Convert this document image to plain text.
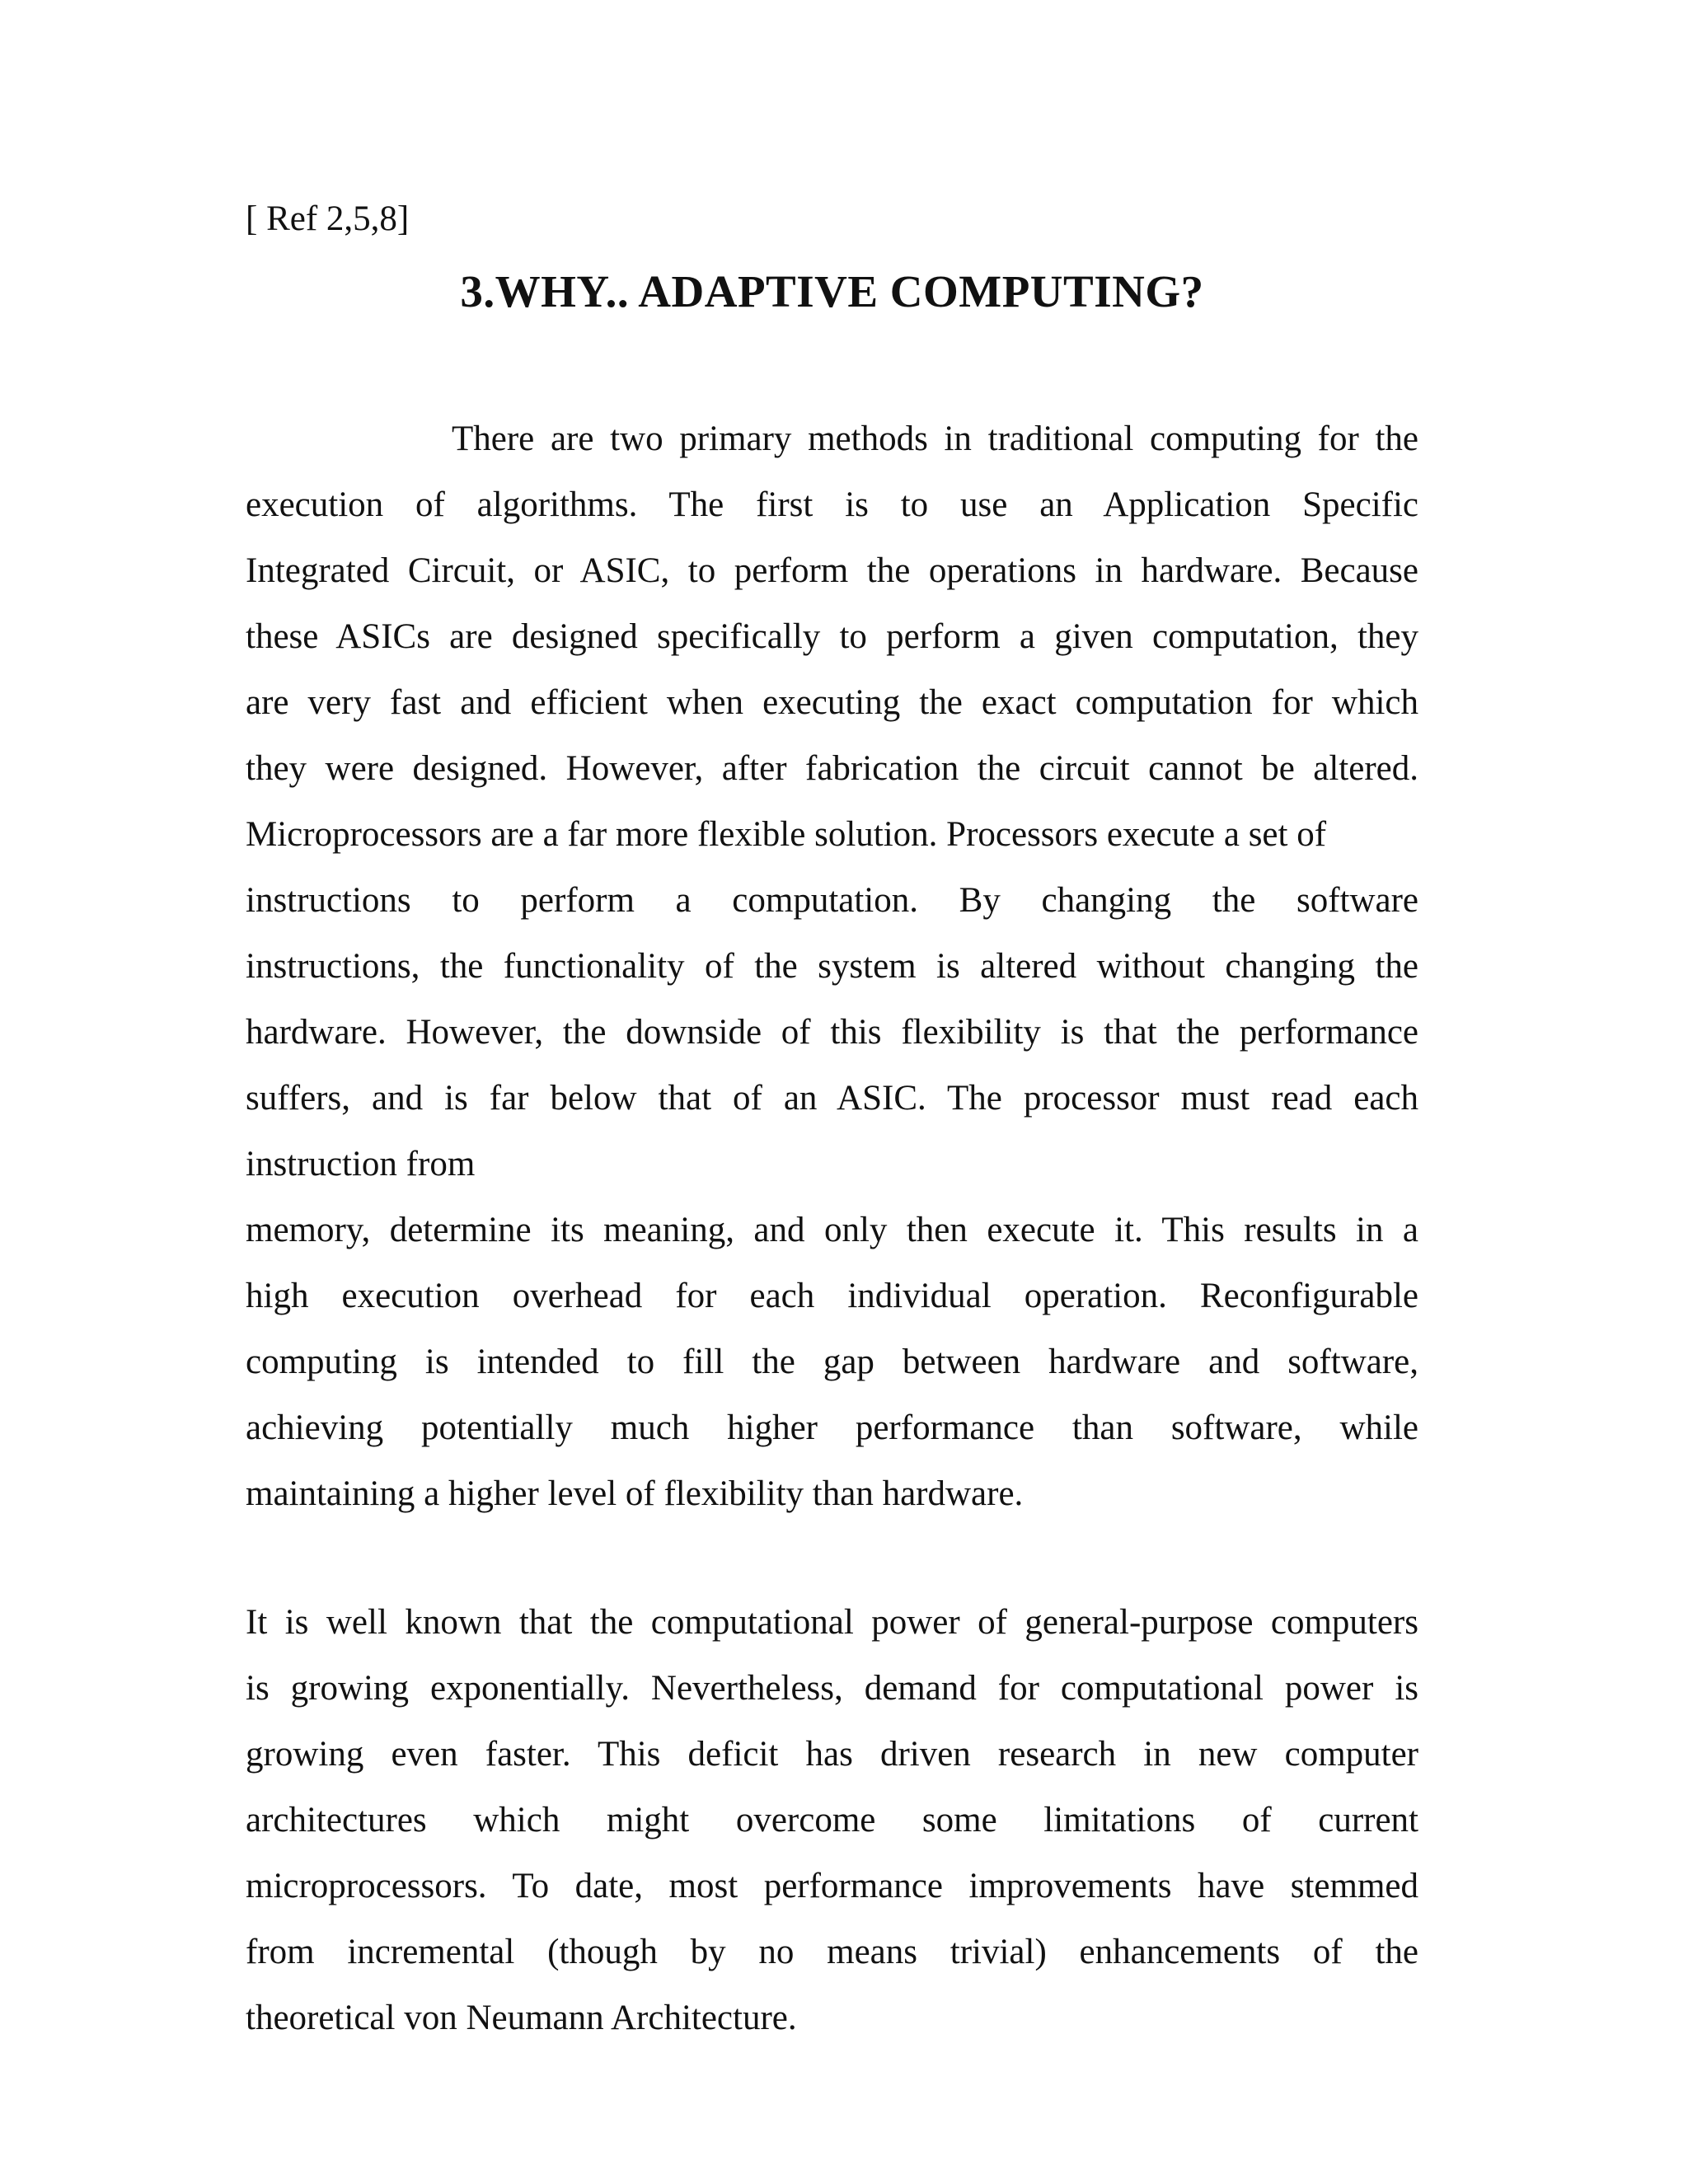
[ Ref 2,5,8]
3.WHY.. ADAPTIVE COMPUTING?
There are two primary methods in traditional computing for the
execution of algorithms. The first is to use an Application Specific
Integrated Circuit, or ASIC, to perform the operations in hardware. Because
these ASICs are designed specifically to perform a given computation, they
are very fast and efficient when executing the exact computation for which
they were designed. However, after fabrication the circuit cannot be altered.
Microprocessors are a far more flexible solution. Processors execute a set of
instructions to perform a computation. By changing the software
instructions, the functionality of the system is altered without changing the
hardware. However, the downside of this flexibility is that the performance
suffers, and is far below that of an ASIC. The processor must read each
instruction from
memory, determine its meaning, and only then execute it. This results in a
high execution overhead for each individual operation. Reconfigurable
computing is intended to fill the gap between hardware and software,
achieving potentially much higher performance than software, while
maintaining a higher level of flexibility than hardware.
It is well known that the computational power of general-purpose computers
is growing exponentially. Nevertheless, demand for computational power is
growing even faster. This deficit has driven research in new computer
architectures which might overcome some limitations of current
microprocessors. To date, most performance improvements have stemmed
from incremental (though by no means trivial) enhancements of the
theoretical von Neumann Architecture.
